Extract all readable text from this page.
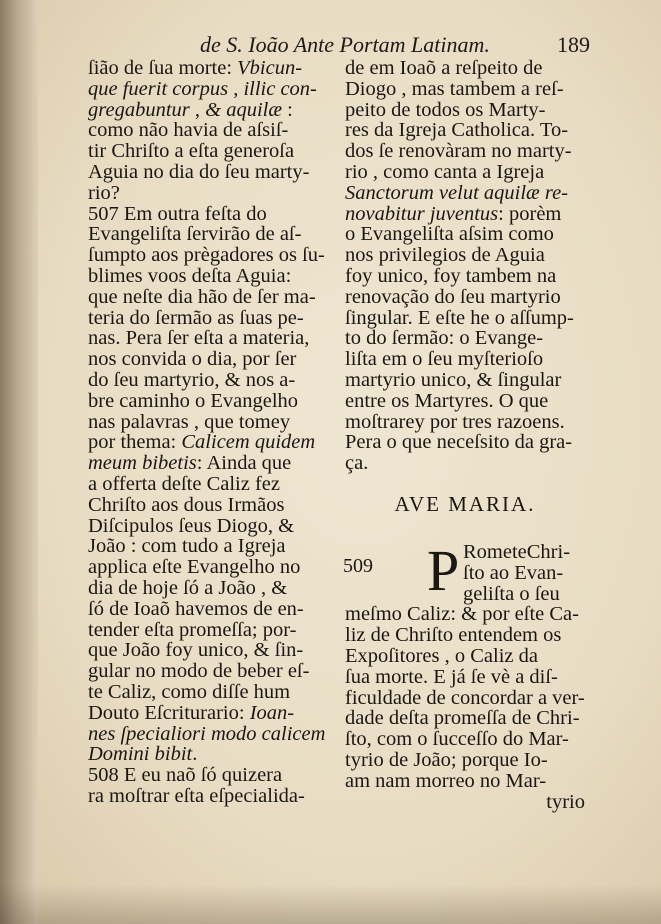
de S. Ioão Ante Portam Latinam.	189
ſião de ſua morte: Vbicun-
que fuerit corpus , illic con-
gregabuntur , & aquilæ :
como não havia de aſsiſ-
tir Chriſto a eſta generoſa
Aguia no dia do ſeu marty-
rio?
507 Em outra feſta do
Evangeliſta ſervirão de aſ-
ſumpto aos prègadores os ſu-
blimes voos deſta Aguia:
que neſte dia hão de ſer ma-
teria do ſermão as ſuas pe-
nas. Pera ſer eſta a materia,
nos convida o dia, por ſer
do ſeu martyrio, & nos a-
bre caminho o Evangelho
nas palavras , que tomey
por thema: Calicem quidem
meum bibetis: Ainda que
a offerta deſte Caliz fez
Chriſto aos dous Irmãos
Diſcipulos ſeus Diogo, &
João : com tudo a Igreja
applica eſte Evangelho no
dia de hoje ſó a João , &
ſó de Ioaõ havemos de en-
tender eſta promeſſa; por-
que João foy unico, & ſin-
gular no modo de beber eſ-
te Caliz, como diſſe hum
Douto Eſcriturario: Ioan-
nes ſpecialiori modo calicem
Domini bibit.
508 E eu naõ ſó quizera
ra moſtrar eſta eſpecialida-
de em Ioaõ a reſpeito de
Diogo , mas tambem a reſ-
peito de todos os Marty-
res da Igreja Catholica. To-
dos ſe renovàram no marty-
rio , como canta a Igreja
Sanctorum velut aquilæ re-
novabitur juventus: porèm
o Evangeliſta aſsim como
nos privilegios de Aguia
foy unico, foy tambem na
renovação do ſeu martyrio
ſingular. E eſte he o aſſump-
to do ſermão: o Evange-
liſta em o ſeu myſterioſo
martyrio unico, & ſingular
entre os Martyres. O que
moſtrarey por tres razoens.
Pera o que neceſsito da gra-
ça.
AVE MARIA.
509 P RometeChri-
ſto ao Evan-
geliſta o ſeu
meſmo Caliz: & por eſte Ca-
liz de Chriſto entendem os
Expoſitores , o Caliz da
ſua morte. E já ſe vè a diſ-
ficuldade de concordar a ver-
dade deſta promeſſa de Chri-
ſto, com o ſucceſſo do Mar-
tyrio de João; porque Io-
am nam morreo no Mar-
tyrio
